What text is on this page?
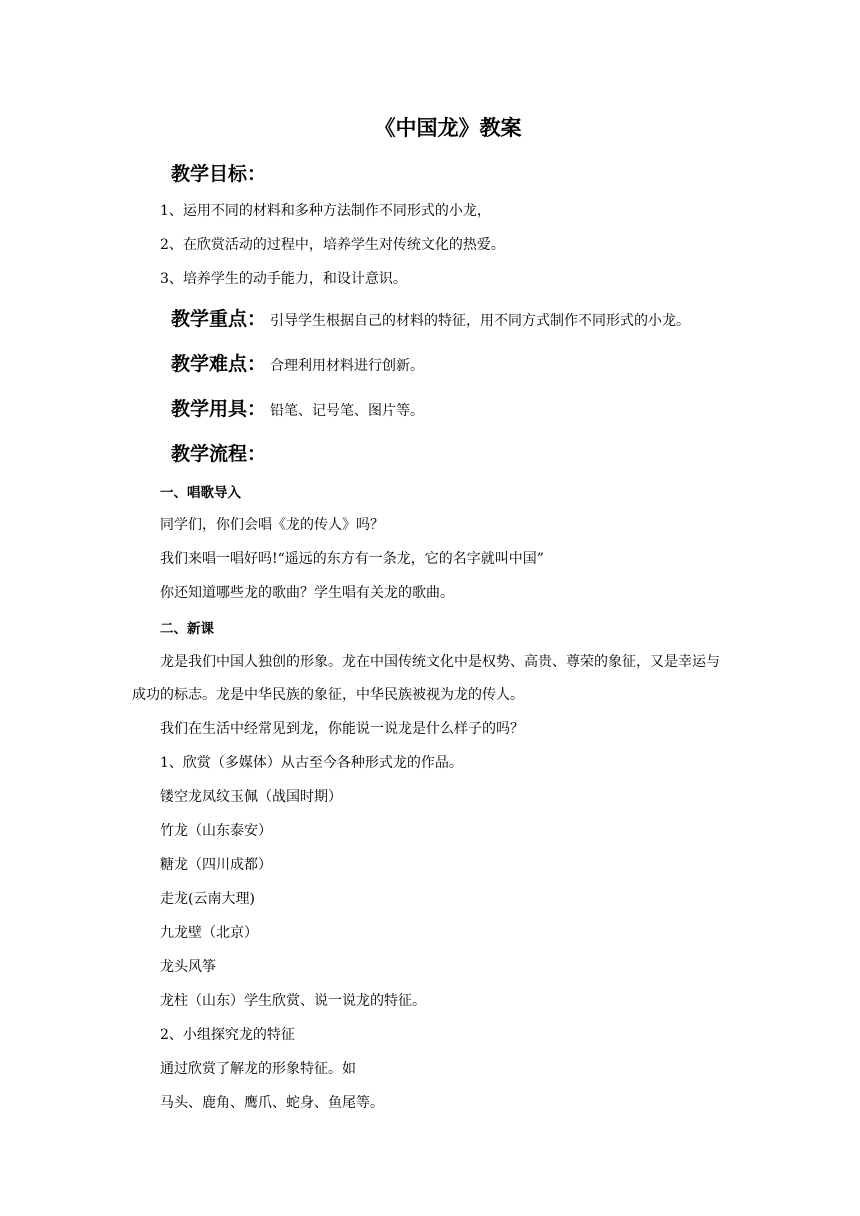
《中国龙》教案
教学目标：
1、运用不同的材料和多种方法制作不同形式的小龙，
2、在欣赏活动的过程中，培养学生对传统文化的热爱。
3、培养学生的动手能力，和设计意识。
教学重点： 引导学生根据自己的材料的特征，用不同方式制作不同形式的小龙。
教学难点： 合理利用材料进行创新。
教学用具： 铅笔、记号笔、图片等。
教学流程：
一、唱歌导入
同学们，你们会唱《龙的传人》吗？
我们来唱一唱好吗!“遥远的东方有一条龙，它的名字就叫中国”
你还知道哪些龙的歌曲？学生唱有关龙的歌曲。
二、新课
龙是我们中国人独创的形象。龙在中国传统文化中是权势、高贵、尊荣的象征，又是幸运与成功的标志。龙是中华民族的象征，中华民族被视为龙的传人。
我们在生活中经常见到龙，你能说一说龙是什么样子的吗？
1、欣赏（多媒体）从古至今各种形式龙的作品。
镂空龙凤纹玉佩（战国时期）
竹龙（山东泰安）
糖龙（四川成都）
走龙(云南大理)
九龙壁（北京）
龙头风筝
龙柱（山东）学生欣赏、说一说龙的特征。
2、小组探究龙的特征
通过欣赏了解龙的形象特征。如
马头、鹿角、鹰爪、蛇身、鱼尾等。
